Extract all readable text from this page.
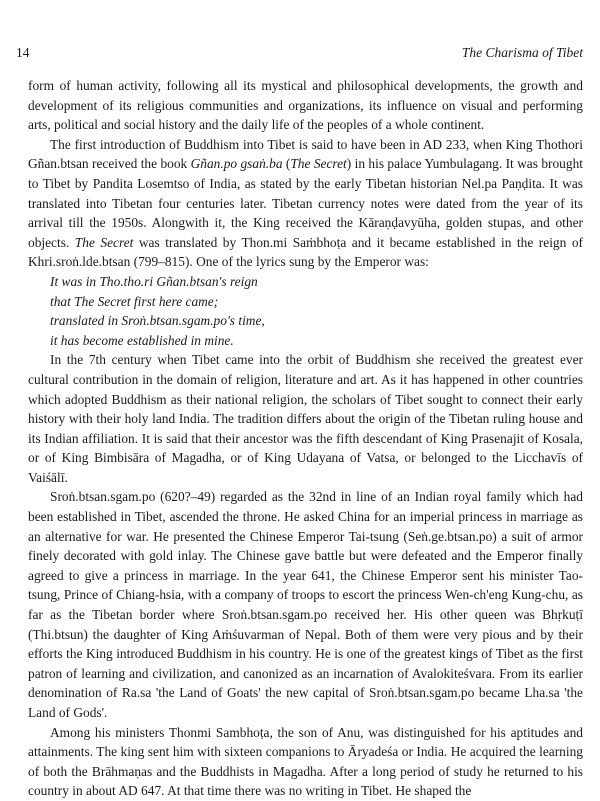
14	The Charisma of Tibet

form of human activity, following all its mystical and philosophical developments, the growth and development of its religious communities and organizations, its influence on visual and performing arts, political and social history and the daily life of the peoples of a whole continent.

The first introduction of Buddhism into Tibet is said to have been in AD 233, when King Thothori Gñan.btsan received the book Gñan.po gsaṅ.ba (The Secret) in his palace Yumbulagang. It was brought to Tibet by Pandita Losemtso of India, as stated by the early Tibetan historian Nel.pa Paṇḍita. It was translated into Tibetan four centuries later. Tibetan currency notes were dated from the year of its arrival till the 1950s. Alongwith it, the King received the Kāraṇḍavyūha, golden stupas, and other objects. The Secret was translated by Thon.mi Saṁbhoṭa and it became established in the reign of Khri.sroṅ.lde.btsan (799–815). One of the lyrics sung by the Emperor was:

It was in Tho.tho.ri Gñan.btsan's reign
that The Secret first here came;
translated in Sroṅ.btsan.sgam.po's time,
it has become established in mine.

In the 7th century when Tibet came into the orbit of Buddhism she received the greatest ever cultural contribution in the domain of religion, literature and art. As it has happened in other countries which adopted Buddhism as their national religion, the scholars of Tibet sought to connect their early history with their holy land India. The tradition differs about the origin of the Tibetan ruling house and its Indian affiliation. It is said that their ancestor was the fifth descendant of King Prasenajit of Kosala, or of King Bimbisāra of Magadha, or of King Udayana of Vatsa, or belonged to the Licchavīs of Vaiśālī.

Sroṅ.btsan.sgam.po (620?–49) regarded as the 32nd in line of an Indian royal family which had been established in Tibet, ascended the throne. He asked China for an imperial princess in marriage as an alternative for war. He presented the Chinese Emperor Tai-tsung (Seṅ.ge.btsan.po) a suit of armor finely decorated with gold inlay. The Chinese gave battle but were defeated and the Emperor finally agreed to give a princess in marriage. In the year 641, the Chinese Emperor sent his minister Tao-tsung, Prince of Chiang-hsia, with a company of troops to escort the princess Wen-ch'eng Kung-chu, as far as the Tibetan border where Sroṅ.btsan.sgam.po received her. His other queen was Bhṛkuṭī (Thi.btsun) the daughter of King Aṁśuvarman of Nepal. Both of them were very pious and by their efforts the King introduced Buddhism in his country. He is one of the greatest kings of Tibet as the first patron of learning and civilization, and canonized as an incarnation of Avalokiteśvara. From its earlier denomination of Ra.sa 'the Land of Goats' the new capital of Sroṅ.btsan.sgam.po became Lha.sa 'the Land of Gods'.

Among his ministers Thonmi Sambhoṭa, the son of Anu, was distinguished for his aptitudes and attainments. The king sent him with sixteen companions to Āryadeśa or India. He acquired the learning of both the Brāhmaṇas and the Buddhists in Magadha. After a long period of study he returned to his country in about AD 647. At that time there was no writing in Tibet. He shaped the
